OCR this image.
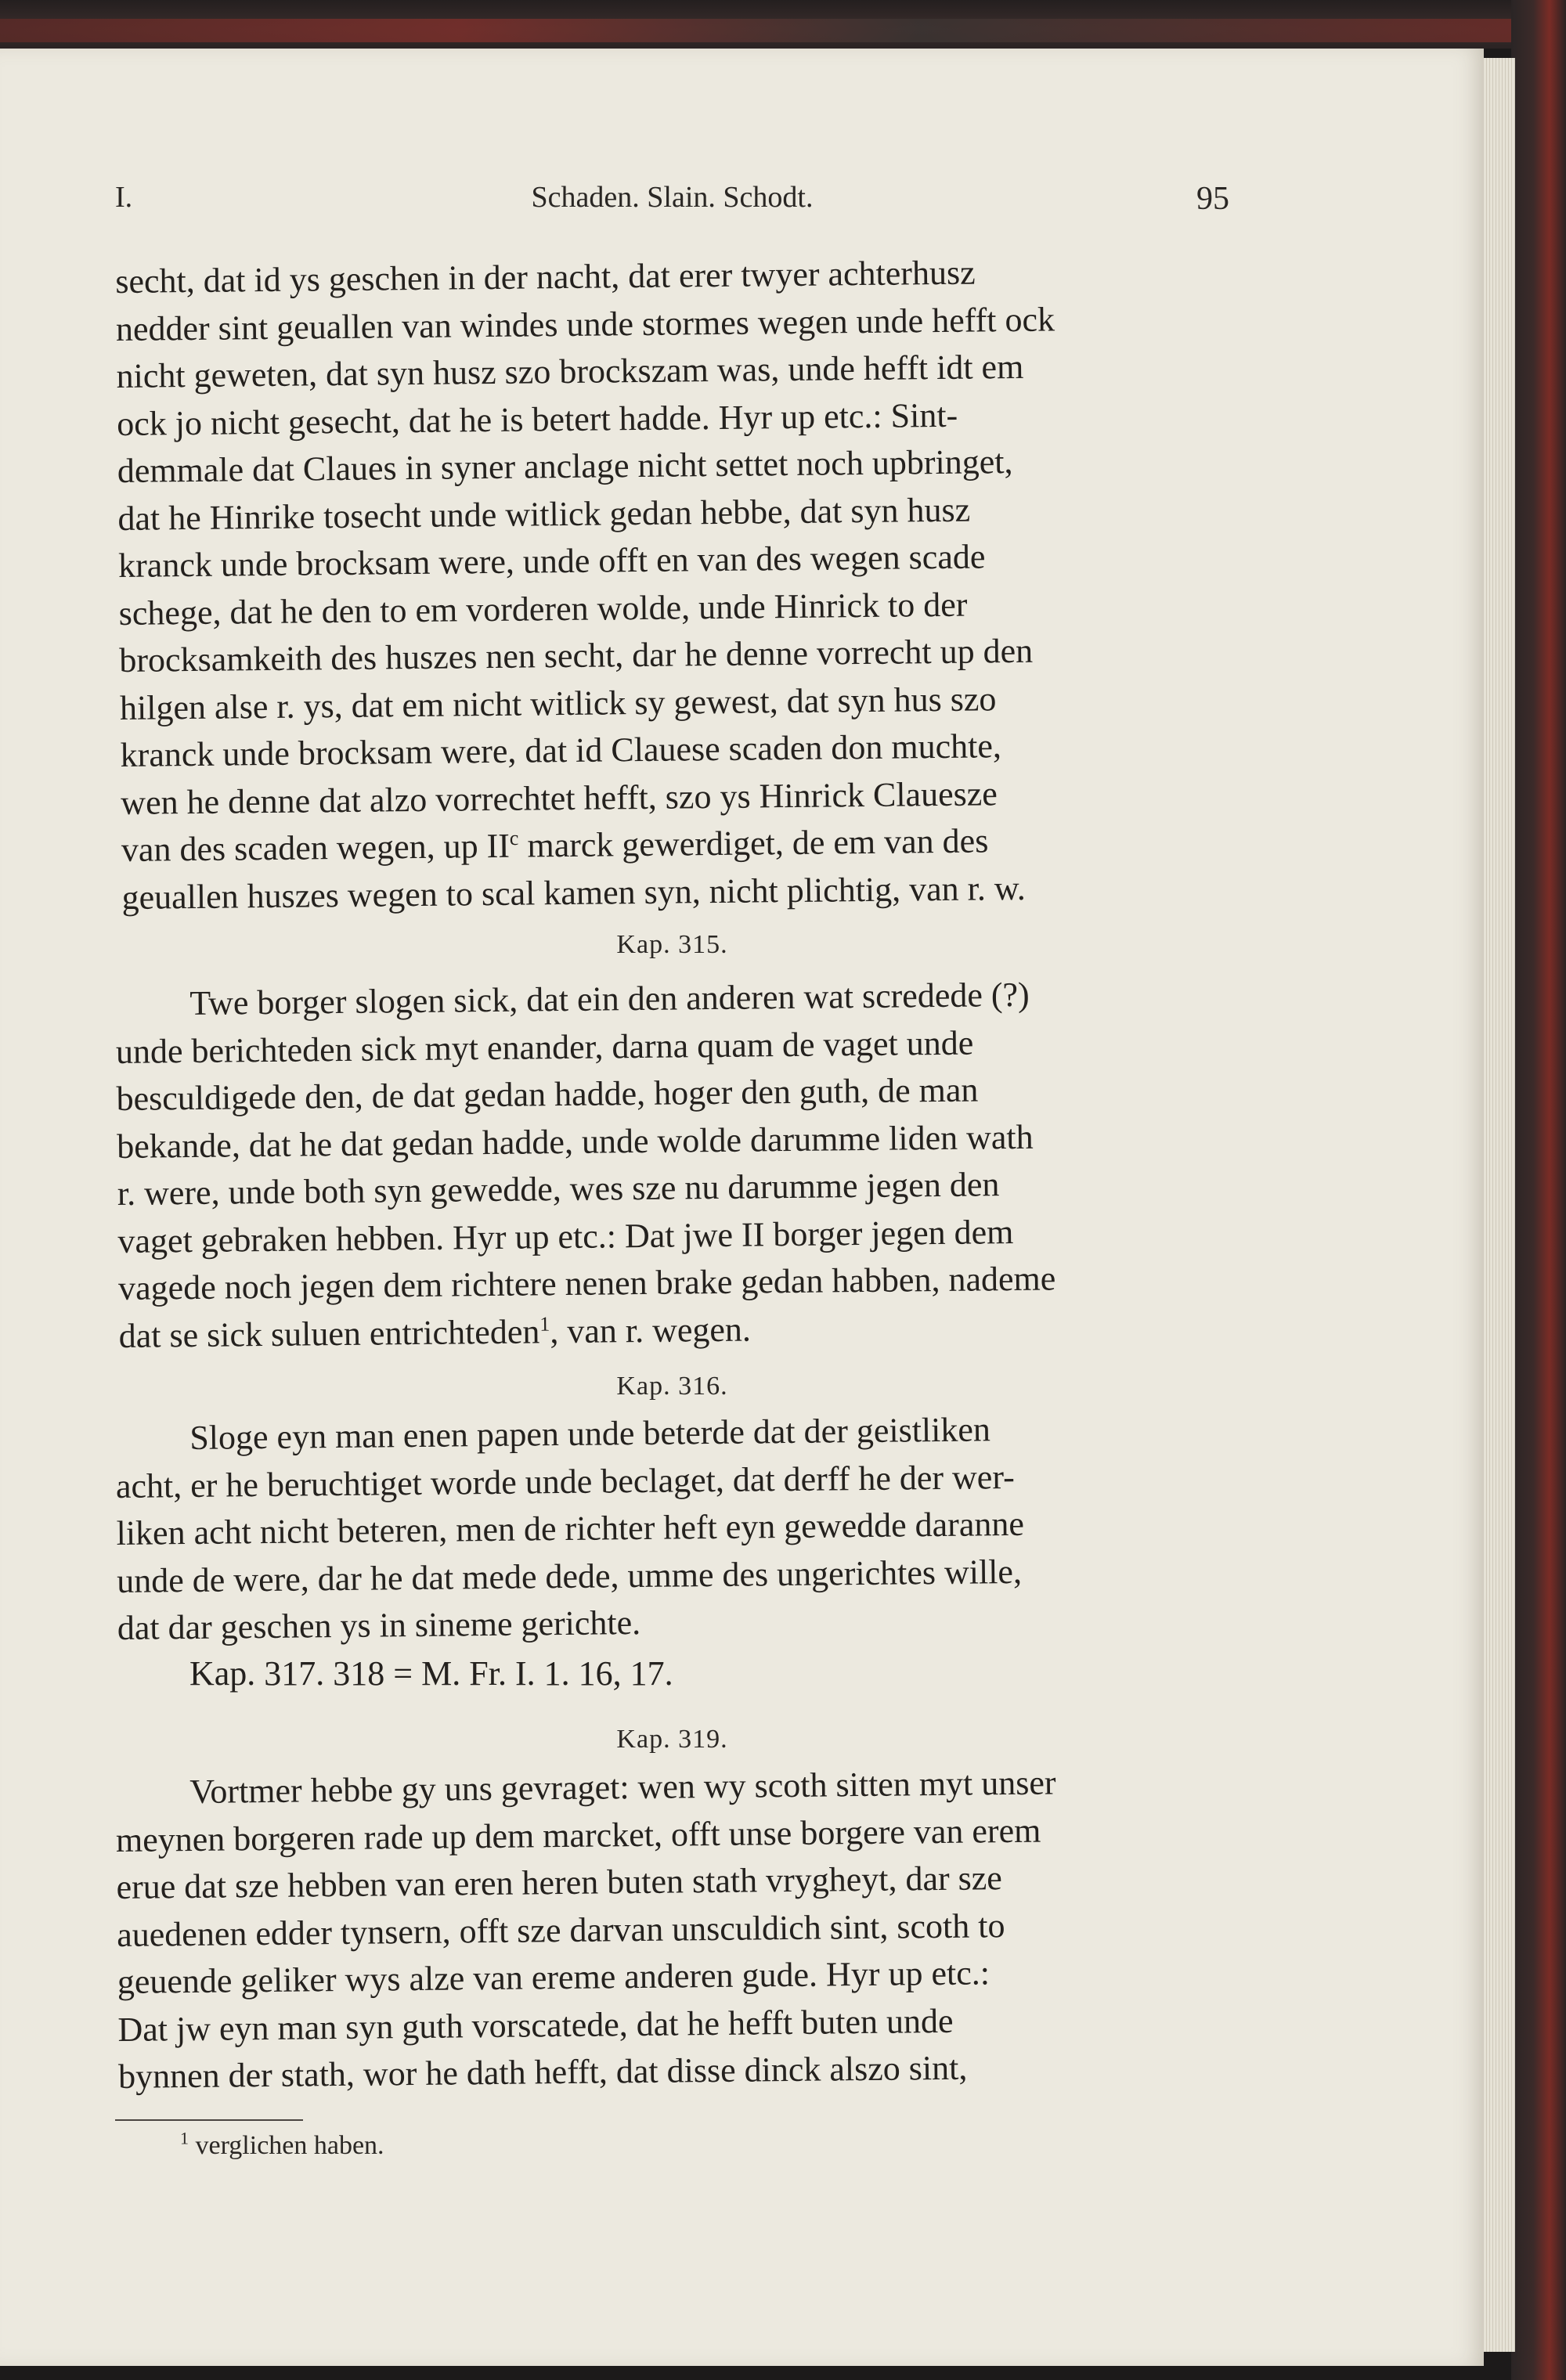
I.	Schaden. Slain. Schodt.	95

secht, dat id ys geschen in der nacht, dat erer twyer achterhusz

nedder sint geuallen van windes unde stormes wegen unde hefft ock

nicht geweten, dat syn husz szo brockszam was, unde hefft idt em

ock jo nicht gesecht, dat he is betert hadde. Hyr up etc.: Sint-

demmale dat Claues in syner anclage nicht settet noch upbringet,

dat he Hinrike tosecht unde witlick gedan hebbe, dat syn husz

kranck unde brocksam were, unde offt en van des wegen scade

schege, dat he den to em vorderen wolde, unde Hinrick to der

brocksamkeith des huszes nen secht, dar he denne vorrecht up den

hilgen alse r. ys, dat em nicht witlick sy gewest, dat syn hus szo

kranck unde brocksam were, dat id Clauese scaden don muchte,

wen he denne dat alzo vorrechtet hefft, szo ys Hinrick Clauesze

van des scaden wegen, up $II^c$ marck gewerdiget, de em van des

geuallen huszes wegen to scal kamen syn, nicht plichtig, van r. w.

Kap. 315.

Twe borger slogen sick, dat ein den anderen wat scredede (?)

unde berichteden sick myt enander, darna quam de vaget unde

besculdigede den, de dat gedan hadde, hoger den guth, de man

bekande, dat he dat gedan hadde, unde wolde darumme liden wath

r. were, unde both syn gewedde, wes sze nu darumme jegen den

vaget gebraken hebben. Hyr up etc.: Dat jwe II borger jegen dem

vagede noch jegen dem richtere nenen brake gedan habben, nademe

dat se sick suluen entrichteden$^1$, van r. wegen.

Kap. 316.

Sloge eyn man enen papen unde beterde dat der geistliken

acht, er he beruchtiget worde unde beclaget, dat derff he der wer-

liken acht nicht beteren, men de richter heft eyn gewedde daranne

unde de were, dar he dat mede dede, umme des ungerichtes wille,

dat dar geschen ys in sineme gerichte.

Kap. 317. 318 = M. Fr. I. 1. 16, 17.
Kap. 319.

Vortmer hebbe gy uns gevraget: wen wy scoth sitten myt unser

meynen borgeren rade up dem marcket, offt unse borgere van erem

erue dat sze hebben van eren heren buten stath vrygheyt, dar sze

auedenen edder tynsern, offt sze darvan unsculdich sint, scoth to

geuende geliker wys alze van ereme anderen gude. Hyr up etc.:

Dat jw eyn man syn guth vorscatede, dat he hefft buten unde

bynnen der stath, wor he dath hefft, dat disse dinck alszo sint,

$^1$ verglichen haben.
